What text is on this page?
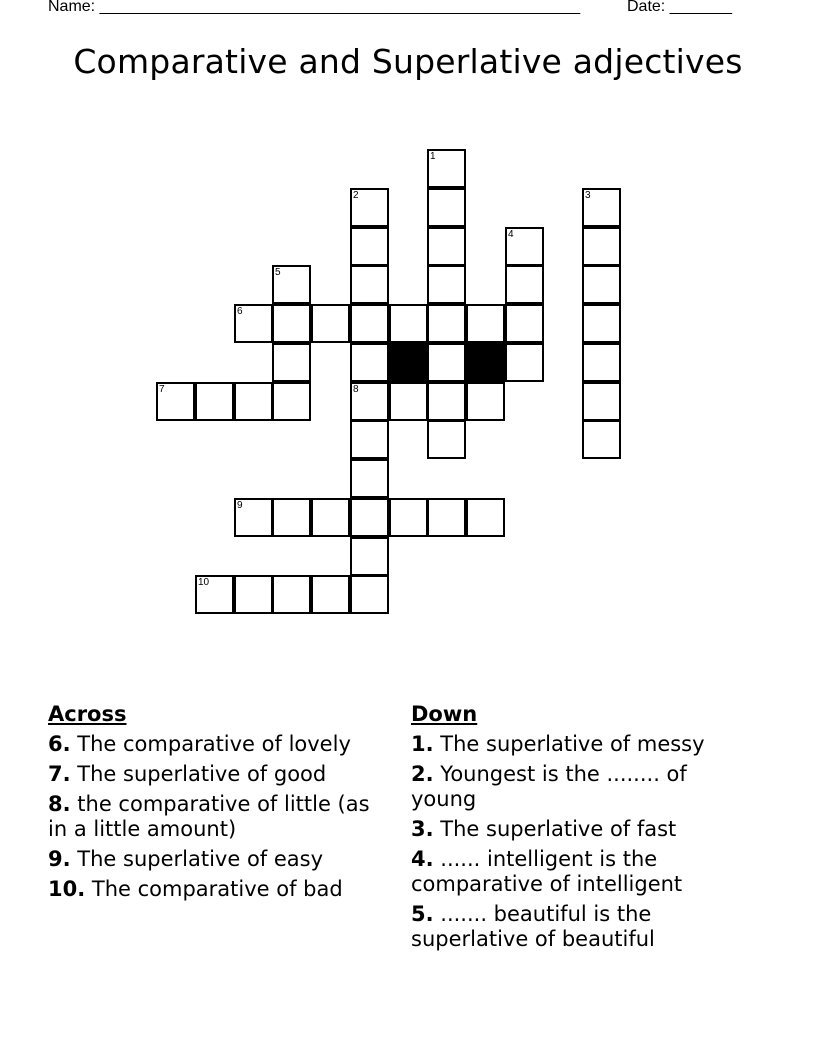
Name: ______________________________________________________	Date: _______
Comparative and Superlative adjectives
1
2	3
4
5
6
7	8
9
10
Across
6. The comparative of lovely
7. The superlative of good
8. the comparative of little (as in a little amount)
9. The superlative of easy
10. The comparative of bad
Down
1. The superlative of messy
2. Youngest is the ........ of young
3. The superlative of fast
4. ...... intelligent is the comparative of intelligent
5. ....... beautiful is the superlative of beautiful
